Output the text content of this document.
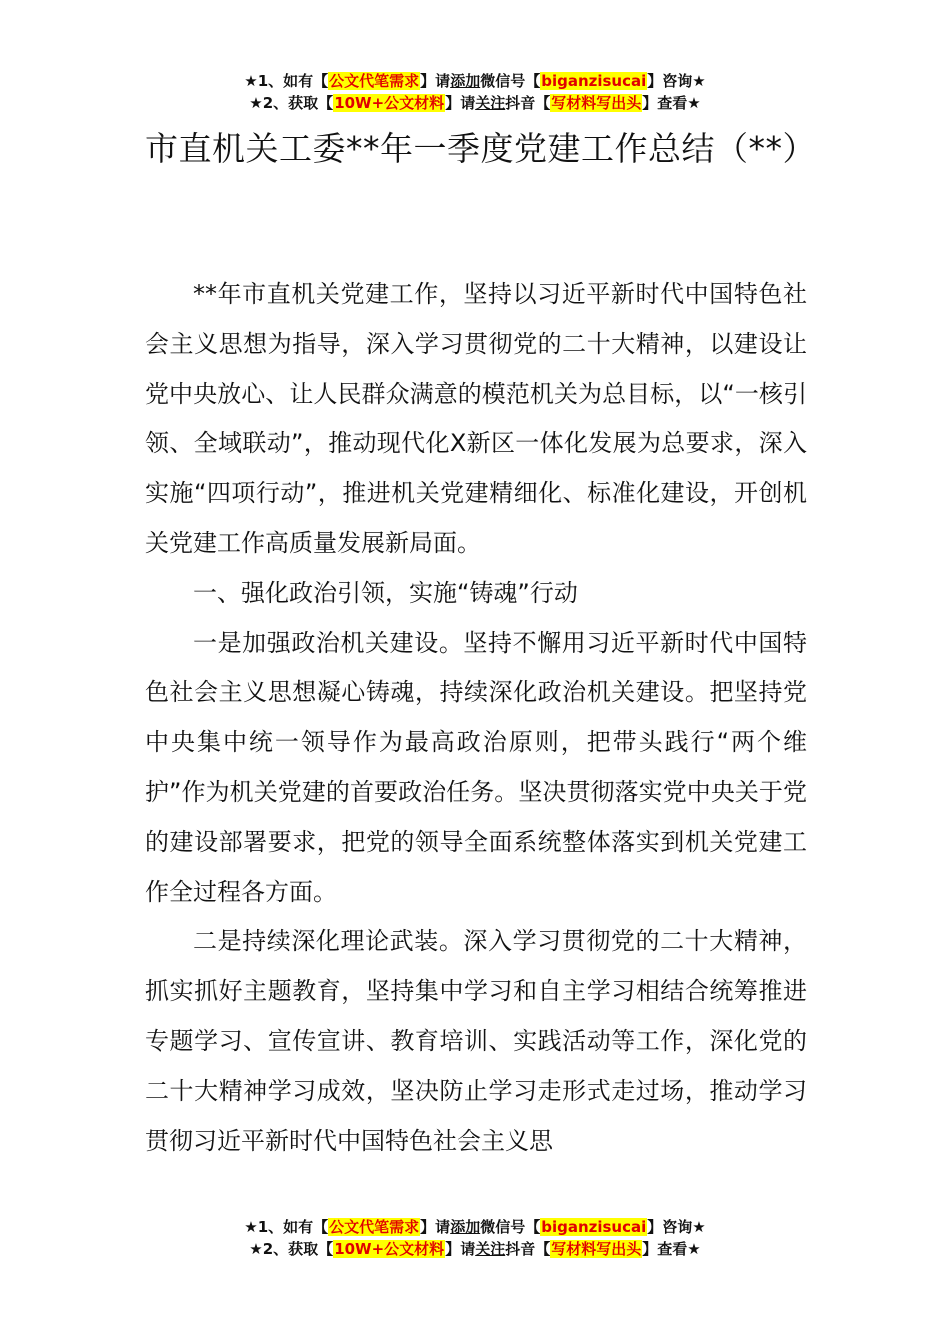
★1、如有【公文代笔需求】请添加微信号【biganzisucai】咨询★
★2、获取【10W+公文材料】请关注抖音【写材料写出头】查看★
市直机关工委**年一季度党建工作总结（**）

**年市直机关党建工作，坚持以习近平新时代中国特色社会主义思想为指导，深入学习贯彻党的二十大精神，以建设让党中央放心、让人民群众满意的模范机关为总目标，以“一核引领、全域联动”，推动现代化X新区一体化发展为总要求，深入实施“四项行动”，推进机关党建精细化、标准化建设，开创机关党建工作高质量发展新局面。

一、强化政治引领，实施“铸魂”行动

一是加强政治机关建设。坚持不懈用习近平新时代中国特色社会主义思想凝心铸魂，持续深化政治机关建设。把坚持党中央集中统一领导作为最高政治原则，把带头践行“两个维护”作为机关党建的首要政治任务。坚决贯彻落实党中央关于党的建设部署要求，把党的领导全面系统整体落实到机关党建工作全过程各方面。

二是持续深化理论武装。深入学习贯彻党的二十大精神，抓实抓好主题教育，坚持集中学习和自主学习相结合统筹推进专题学习、宣传宣讲、教育培训、实践活动等工作，深化党的二十大精神学习成效，坚决防止学习走形式走过场，推动学习贯彻习近平新时代中国特色社会主义思

★1、如有【公文代笔需求】请添加微信号【biganzisucai】咨询★
★2、获取【10W+公文材料】请关注抖音【写材料写出头】查看★
